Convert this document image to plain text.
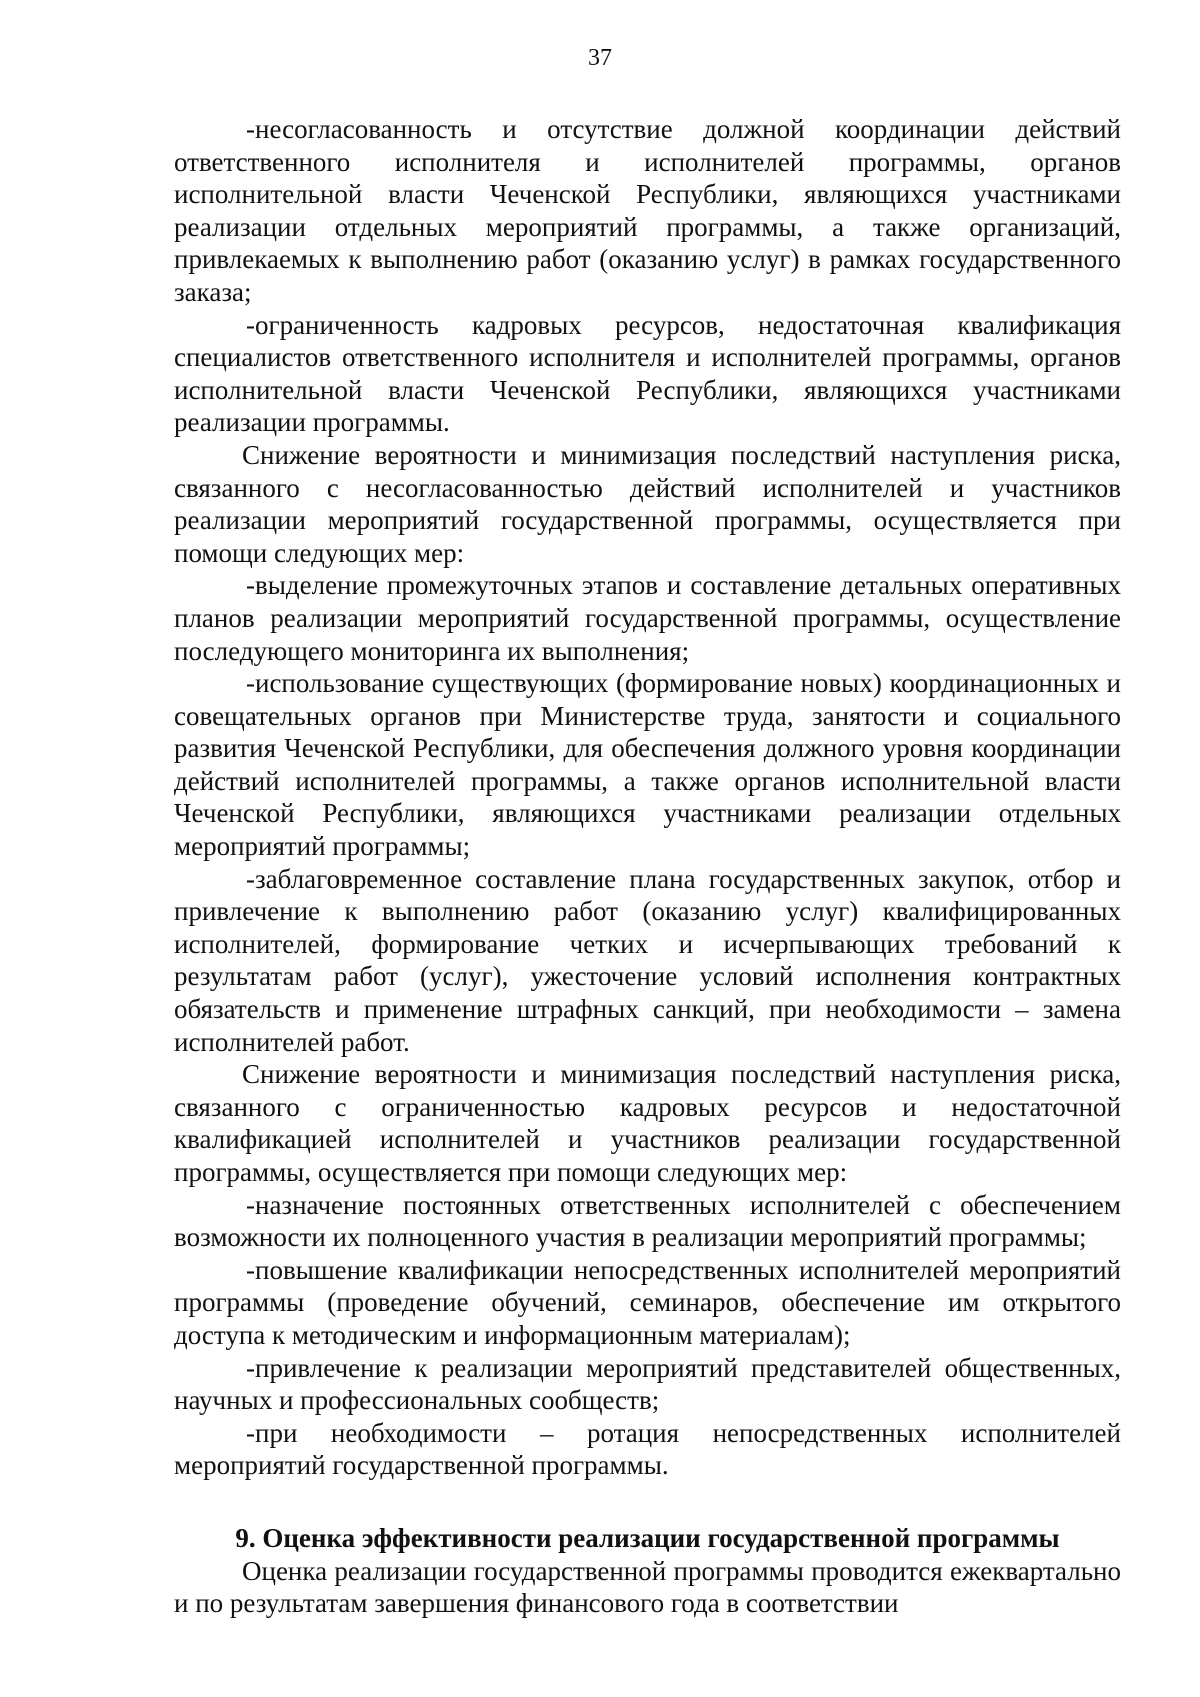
37

-несогласованность и отсутствие должной координации действий ответственного исполнителя и исполнителей программы, органов исполнительной власти Чеченской Республики, являющихся участниками реализации отдельных мероприятий программы, а также организаций, привлекаемых к выполнению работ (оказанию услуг) в рамках государственного заказа;

-ограниченность кадровых ресурсов, недостаточная квалификация специалистов ответственного исполнителя и исполнителей программы, органов исполнительной власти Чеченской Республики, являющихся участниками реализации программы.

Снижение вероятности и минимизация последствий наступления риска, связанного с несогласованностью действий исполнителей и участников реализации мероприятий государственной программы, осуществляется при помощи следующих мер:

-выделение промежуточных этапов и составление детальных оперативных планов реализации мероприятий государственной программы, осуществление последующего мониторинга их выполнения;

-использование существующих (формирование новых) координационных и совещательных органов при Министерстве труда, занятости и социального развития Чеченской Республики, для обеспечения должного уровня координации действий исполнителей программы, а также органов исполнительной власти Чеченской Республики, являющихся участниками реализации отдельных мероприятий программы;

-заблаговременное составление плана государственных закупок, отбор и привлечение к выполнению работ (оказанию услуг) квалифицированных исполнителей, формирование четких и исчерпывающих требований к результатам работ (услуг), ужесточение условий исполнения контрактных обязательств и применение штрафных санкций, при необходимости – замена исполнителей работ.

Снижение вероятности и минимизация последствий наступления риска, связанного с ограниченностью кадровых ресурсов и недостаточной квалификацией исполнителей и участников реализации государственной программы, осуществляется при помощи следующих мер:

-назначение постоянных ответственных исполнителей с обеспечением возможности их полноценного участия в реализации мероприятий программы;

-повышение квалификации непосредственных исполнителей мероприятий программы (проведение обучений, семинаров, обеспечение им открытого доступа к методическим и информационным материалам);

-привлечение к реализации мероприятий представителей общественных, научных и профессиональных сообществ;

-при необходимости – ротация непосредственных исполнителей мероприятий государственной программы.

9. Оценка эффективности реализации государственной программы

Оценка реализации государственной программы проводится ежеквартально и по результатам завершения финансового года в соответствии
